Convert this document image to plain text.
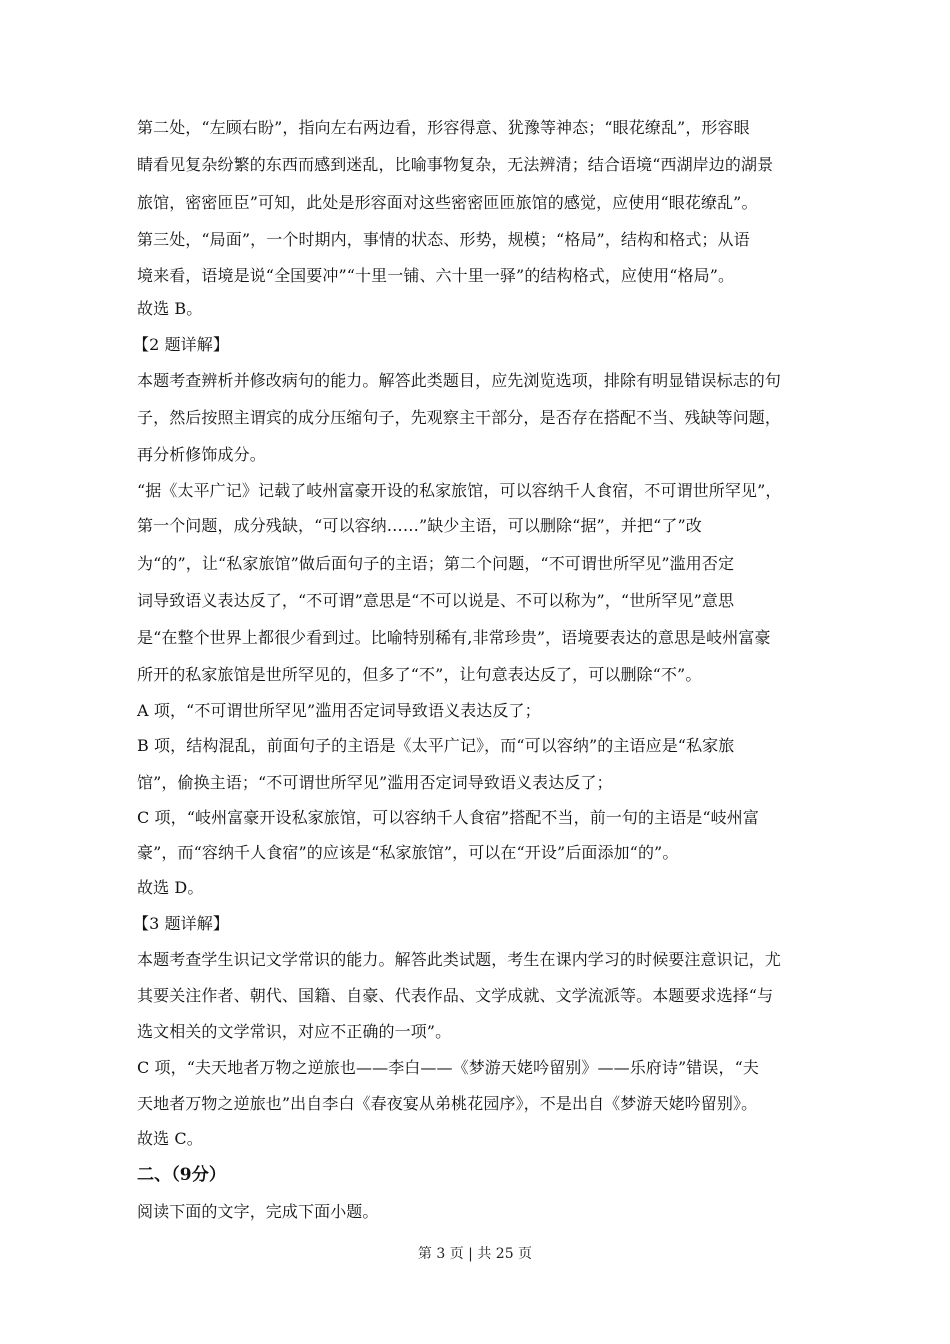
第二处，“左顾右盼”，指向左右两边看，形容得意、犹豫等神态；“眼花缭乱”，形容眼
睛看见复杂纷繁的东西而感到迷乱，比喻事物复杂，无法辨清；结合语境“西湖岸边的湖景
旅馆，密密匝臣”可知，此处是形容面对这些密密匝匝旅馆的感觉，应使用“眼花缭乱”。
第三处，“局面”，一个时期内，事情的状态、形势，规模；“格局”，结构和格式；从语
境来看，语境是说“全国要冲”“十里一铺、六十里一驿”的结构格式，应使用“格局”。
故选 B。
【2 题详解】
本题考查辨析并修改病句的能力。解答此类题目，应先浏览选项，排除有明显错误标志的句
子，然后按照主谓宾的成分压缩句子，先观察主干部分，是否存在搭配不当、残缺等问题，
再分析修饰成分。
“据《太平广记》记载了岐州富豪开设的私家旅馆，可以容纳千人食宿，不可谓世所罕见”，
第一个问题，成分残缺，“可以容纳……”缺少主语，可以删除“据”，并把“了”改
为“的”，让“私家旅馆”做后面句子的主语；第二个问题，“不可谓世所罕见”滥用否定
词导致语义表达反了，“不可谓”意思是“不可以说是、不可以称为”，“世所罕见”意思
是“在整个世界上都很少看到过。比喻特别稀有,非常珍贵”，语境要表达的意思是岐州富豪
所开的私家旅馆是世所罕见的，但多了“不”，让句意表达反了，可以删除“不”。
A 项，“不可谓世所罕见”滥用否定词导致语义表达反了；
B 项，结构混乱，前面句子的主语是《太平广记》，而“可以容纳”的主语应是“私家旅
馆”，偷换主语；“不可谓世所罕见”滥用否定词导致语义表达反了；
C 项，“岐州富豪开设私家旅馆，可以容纳千人食宿”搭配不当，前一句的主语是“岐州富
豪”，而“容纳千人食宿”的应该是“私家旅馆”，可以在“开设”后面添加“的”。
故选 D。
【3 题详解】
本题考查学生识记文学常识的能力。解答此类试题，考生在课内学习的时候要注意识记，尤
其要关注作者、朝代、国籍、自豪、代表作品、文学成就、文学流派等。本题要求选择“与
选文相关的文学常识，对应不正确的一项”。
C 项，“夫天地者万物之逆旅也——李白——《梦游天姥吟留别》——乐府诗”错误，“夫
天地者万物之逆旅也”出自李白《春夜宴从弟桃花园序》，不是出自《梦游天姥吟留别》。
故选 C。
二、（9分）
阅读下面的文字，完成下面小题。
第 3 页 | 共 25 页
